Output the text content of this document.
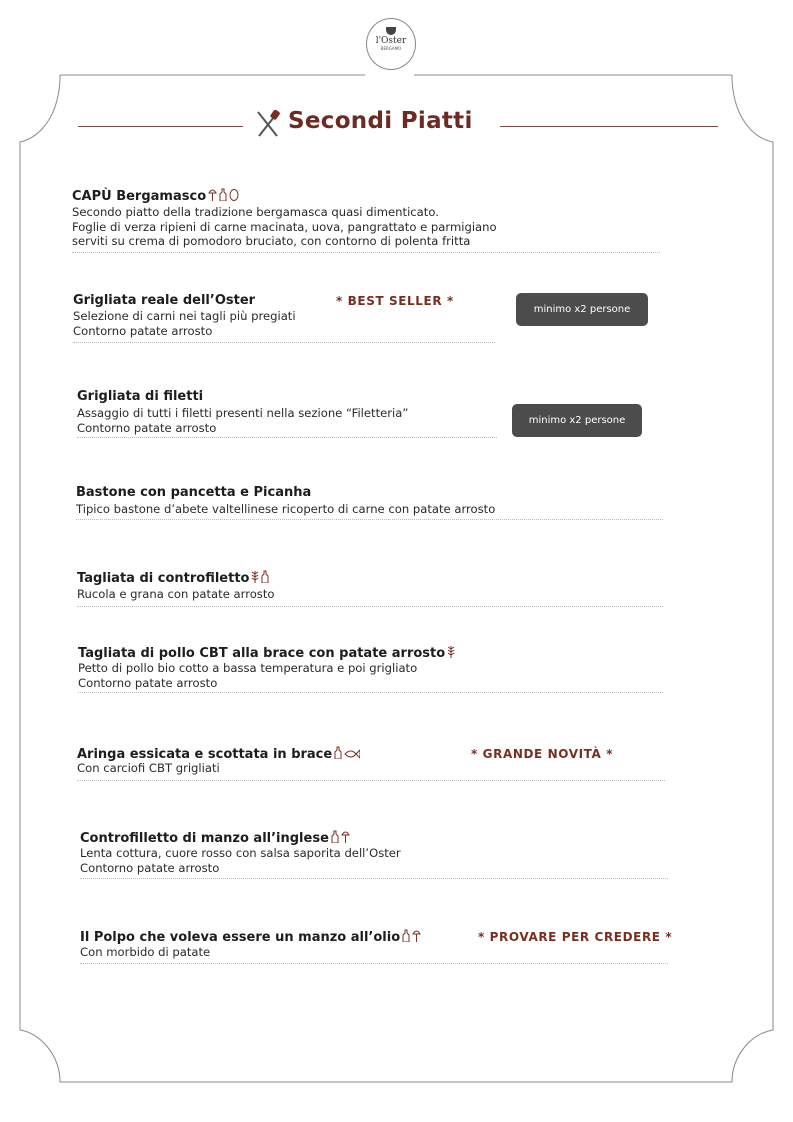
l'Oster
BERGAMO
Secondi Piatti
CAPÙ Bergamasco
Secondo piatto della tradizione bergamasca quasi dimenticato.
Foglie di verza ripieni di carne macinata, uova, pangrattato e parmigiano
serviti su crema di pomodoro bruciato, con contorno di polenta fritta
Grigliata reale dell’Oster	* BEST SELLER *
minimo x2 persone
Selezione di carni nei tagli più pregiati
Contorno patate arrosto
Grigliata di filetti
minimo x2 persone
Assaggio di tutti i filetti presenti nella sezione “Filetteria”
Contorno patate arrosto
Bastone con pancetta e Picanha
Tipico bastone d’abete valtellinese ricoperto di carne con patate arrosto
Tagliata di controfiletto
Rucola e grana con patate arrosto
Tagliata di pollo CBT alla brace con patate arrosto
Petto di pollo bio cotto a bassa temperatura e poi grigliato
Contorno patate arrosto
Aringa essicata e scottata in brace	* GRANDE NOVITÀ *
Con carciofi CBT grigliati
Controfilletto di manzo all’inglese
Lenta cottura, cuore rosso con salsa saporita dell’Oster
Contorno patate arrosto
Il Polpo che voleva essere un manzo all’olio	* PROVARE PER CREDERE *
Con morbido di patate
